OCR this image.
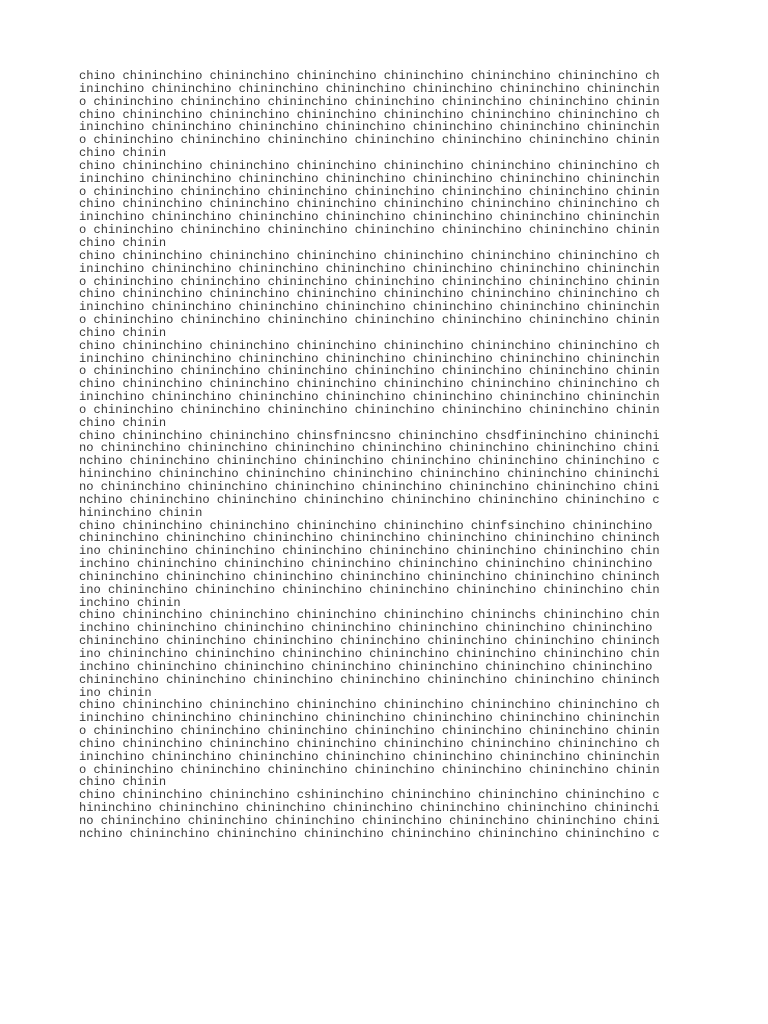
chino chininchino chininchino chininchino chininchino chininchino chininchino ch
ininchino chininchino chininchino chininchino chininchino chininchino chininchin
o chininchino chininchino chininchino chininchino chininchino chininchino chinin
chino chininchino chininchino chininchino chininchino chininchino chininchino ch
ininchino chininchino chininchino chininchino chininchino chininchino chininchin
o chininchino chininchino chininchino chininchino chininchino chininchino chinin
chino chinin
chino chininchino chininchino chininchino chininchino chininchino chininchino ch
ininchino chininchino chininchino chininchino chininchino chininchino chininchin
o chininchino chininchino chininchino chininchino chininchino chininchino chinin
chino chininchino chininchino chininchino chininchino chininchino chininchino ch
ininchino chininchino chininchino chininchino chininchino chininchino chininchin
o chininchino chininchino chininchino chininchino chininchino chininchino chinin
chino chinin
chino chininchino chininchino chininchino chininchino chininchino chininchino ch
ininchino chininchino chininchino chininchino chininchino chininchino chininchin
o chininchino chininchino chininchino chininchino chininchino chininchino chinin
chino chininchino chininchino chininchino chininchino chininchino chininchino ch
ininchino chininchino chininchino chininchino chininchino chininchino chininchin
o chininchino chininchino chininchino chininchino chininchino chininchino chinin
chino chinin
chino chininchino chininchino chininchino chininchino chininchino chininchino ch
ininchino chininchino chininchino chininchino chininchino chininchino chininchin
o chininchino chininchino chininchino chininchino chininchino chininchino chinin
chino chininchino chininchino chininchino chininchino chininchino chininchino ch
ininchino chininchino chininchino chininchino chininchino chininchino chininchin
o chininchino chininchino chininchino chininchino chininchino chininchino chinin
chino chinin
chino chininchino chininchino chinsfnincsno chininchino chsdfininchino chininchi
no chininchino chininchino chininchino chininchino chininchino chininchino chini
nchino chininchino chininchino chininchino chininchino chininchino chininchino c
hininchino chininchino chininchino chininchino chininchino chininchino chininchi
no chininchino chininchino chininchino chininchino chininchino chininchino chini
nchino chininchino chininchino chininchino chininchino chininchino chininchino c
hininchino chinin
chino chininchino chininchino chininchino chininchino chinfsinchino chininchino
chininchino chininchino chininchino chininchino chininchino chininchino chininch
ino chininchino chininchino chininchino chininchino chininchino chininchino chin
inchino chininchino chininchino chininchino chininchino chininchino chininchino
chininchino chininchino chininchino chininchino chininchino chininchino chininch
ino chininchino chininchino chininchino chininchino chininchino chininchino chin
inchino chinin
chino chininchino chininchino chininchino chininchino chininchs chininchino chin
inchino chininchino chininchino chininchino chininchino chininchino chininchino
chininchino chininchino chininchino chininchino chininchino chininchino chininch
ino chininchino chininchino chininchino chininchino chininchino chininchino chin
inchino chininchino chininchino chininchino chininchino chininchino chininchino
chininchino chininchino chininchino chininchino chininchino chininchino chininch
ino chinin
chino chininchino chininchino chininchino chininchino chininchino chininchino ch
ininchino chininchino chininchino chininchino chininchino chininchino chininchin
o chininchino chininchino chininchino chininchino chininchino chininchino chinin
chino chininchino chininchino chininchino chininchino chininchino chininchino ch
ininchino chininchino chininchino chininchino chininchino chininchino chininchin
o chininchino chininchino chininchino chininchino chininchino chininchino chinin
chino chinin
chino chininchino chininchino cshininchino chininchino chininchino chininchino c
hininchino chininchino chininchino chininchino chininchino chininchino chininchi
no chininchino chininchino chininchino chininchino chininchino chininchino chini
nchino chininchino chininchino chininchino chininchino chininchino chininchino c
